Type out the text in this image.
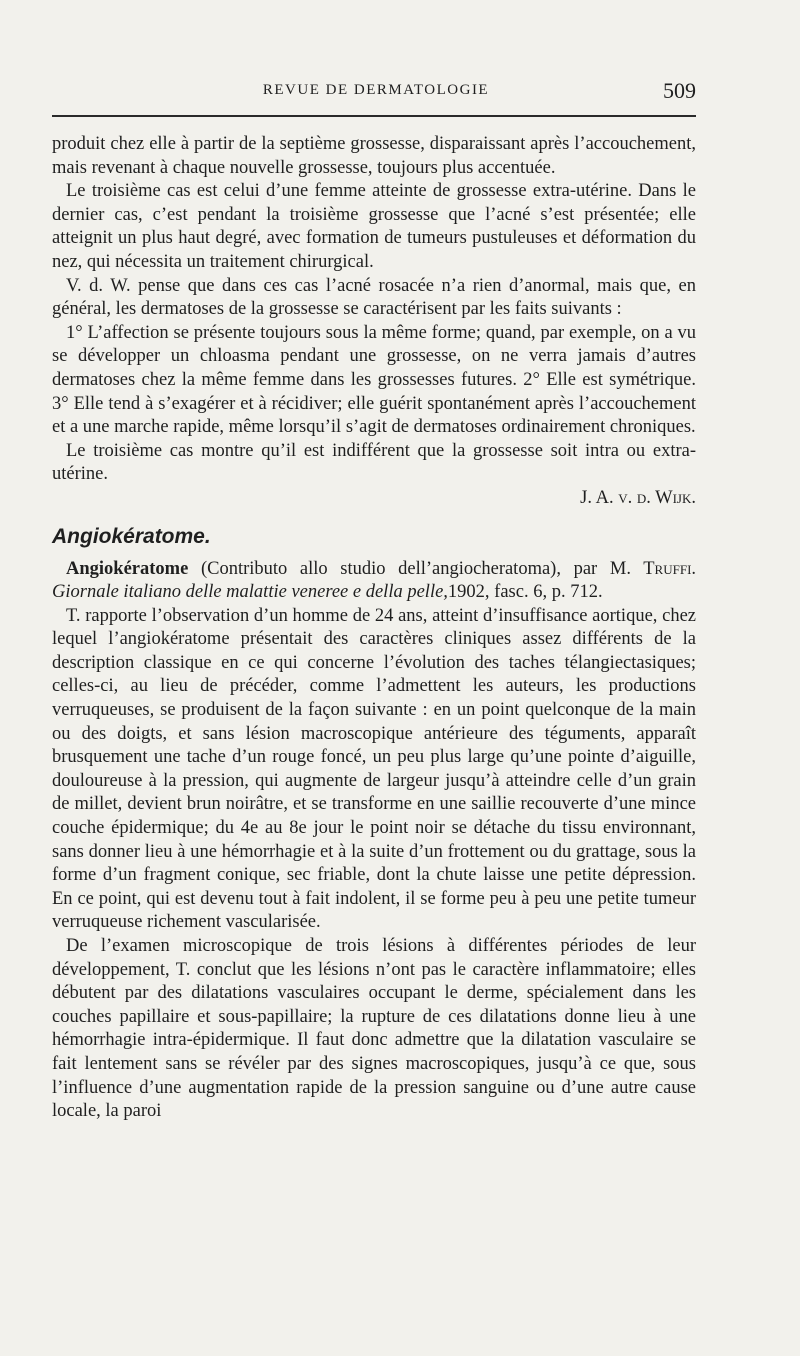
REVUE DE DERMATOLOGIE	509

produit chez elle à partir de la septième grossesse, disparaissant après l’accouchement, mais revenant à chaque nouvelle grossesse, toujours plus accentuée.

Le troisième cas est celui d’une femme atteinte de grossesse extra-utérine. Dans le dernier cas, c’est pendant la troisième grossesse que l’acné s’est présentée; elle atteignit un plus haut degré, avec formation de tumeurs pustuleuses et déformation du nez, qui nécessita un traitement chirurgical.

V. d. W. pense que dans ces cas l’acné rosacée n’a rien d’anormal, mais que, en général, les dermatoses de la grossesse se caractérisent par les faits suivants :

1° L’affection se présente toujours sous la même forme; quand, par exemple, on a vu se développer un chloasma pendant une grossesse, on ne verra jamais d’autres dermatoses chez la même femme dans les grossesses futures. 2° Elle est symétrique. 3° Elle tend à s’exagérer et à récidiver; elle guérit spontanément après l’accouchement et a une marche rapide, même lorsqu’il s’agit de dermatoses ordinairement chroniques.

Le troisième cas montre qu’il est indifférent que la grossesse soit intra ou extra-utérine.
J. A. v. d. Wijk.

Angiokératome.

Angiokératome (Contributo allo studio dell’angiocheratoma), par M. Truffi. Giornale italiano delle malattie veneree e della pelle,1902, fasc. 6, p. 712.

T. rapporte l’observation d’un homme de 24 ans, atteint d’insuffisance aortique, chez lequel l’angiokératome présentait des caractères cliniques assez différents de la description classique en ce qui concerne l’évolution des taches télangiectasiques; celles-ci, au lieu de précéder, comme l’admettent les auteurs, les productions verruqueuses, se produisent de la façon suivante : en un point quelconque de la main ou des doigts, et sans lésion macroscopique antérieure des téguments, apparaît brusquement une tache d’un rouge foncé, un peu plus large qu’une pointe d’aiguille, douloureuse à la pression, qui augmente de largeur jusqu’à atteindre celle d’un grain de millet, devient brun noirâtre, et se transforme en une saillie recouverte d’une mince couche épidermique; du 4e au 8e jour le point noir se détache du tissu environnant, sans donner lieu à une hémorrhagie et à la suite d’un frottement ou du grattage, sous la forme d’un fragment conique, sec friable, dont la chute laisse une petite dépression. En ce point, qui est devenu tout à fait indolent, il se forme peu à peu une petite tumeur verruqueuse richement vascularisée.

De l’examen microscopique de trois lésions à différentes périodes de leur développement, T. conclut que les lésions n’ont pas le caractère inflammatoire; elles débutent par des dilatations vasculaires occupant le derme, spécialement dans les couches papillaire et sous-papillaire; la rupture de ces dilatations donne lieu à une hémorrhagie intra-épidermique. Il faut donc admettre que la dilatation vasculaire se fait lentement sans se révéler par des signes macroscopiques, jusqu’à ce que, sous l’influence d’une augmentation rapide de la pression sanguine ou d’une autre cause locale, la paroi
